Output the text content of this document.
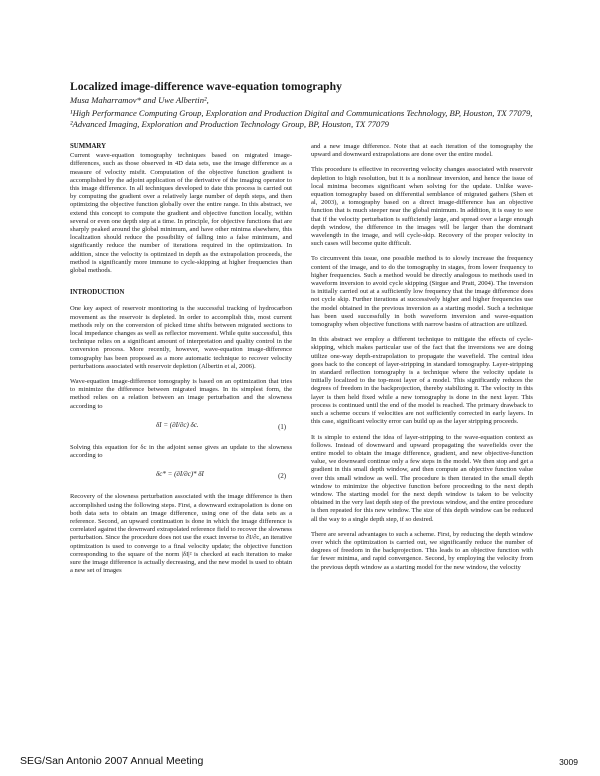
Localized image-difference wave-equation tomography
Musa Maharramov* and Uwe Albertin²,
¹High Performance Computing Group, Exploration and Production Digital and Communications Technology, BP, Houston, TX 77079, ²Advanced Imaging, Exploration and Production Technology Group, BP, Houston, TX 77079
SUMMARY

Current wave-equation tomography techniques based on migrated image-differences, such as those observed in 4D data sets, use the image difference as a measure of velocity misfit. Computation of the objective function gradient is accomplished by the adjoint application of the derivative of the imaging operator to this image difference. In all techniques developed to date this process is carried out by computing the gradient over a relatively large number of depth steps, and then optimizing the objective function globally over the entire range. In this abstract, we extend this concept to compute the gradient and objective function locally, within several or even one depth step at a time. In principle, for objective functions that are sharply peaked around the global minimum, and have other minima elsewhere, this localization should reduce the possibility of falling into a false minimum, and significantly reduce the number of iterations required in the optimization. In addition, since the velocity is optimized in depth as the extrapolation proceeds, the method is significantly more immune to cycle-skipping at higher frequencies than global methods.

INTRODUCTION

One key aspect of reservoir monitoring is the successful tracking of hydrocarbon movement as the reservoir is depleted. In order to accomplish this, most current methods rely on the conversion of picked time shifts between migrated sections to local impedance changes as well as reflector movement. While quite successful, this technique relies on a significant amount of interpretation and quality control in the conversion process. More recently, however, wave-equation image-difference tomography has been proposed as a more automatic technique to recover velocity perturbations associated with reservoir depletion (Albertin et al, 2006).

Wave-equation image-difference tomography is based on an optimization that tries to minimize the difference between migrated images. In its simplest form, the method relies on a relation between an image perturbation and the slowness according to

δI = (∂I/∂c) δc.	(1)

Solving this equation for δc in the adjoint sense gives an update to the slowness according to

δc* = (∂I/∂c)* δI	(2)

Recovery of the slowness perturbation associated with the image difference is then accomplished using the following steps. First, a downward extrapolation is done on both data sets to obtain an image difference, using one of the data sets as a reference. Second, an upward continuation is done in which the image difference is correlated against the downward extrapolated reference field to recover the slowness perturbation. Since the procedure does not use the exact inverse to ∂I/∂c, an iterative optimization is used to converge to a final velocity update; the objective function corresponding to the square of the norm |δI|² is checked at each iteration to make sure the image difference is actually decreasing, and the new model is used to obtain a new set of images

and a new image difference. Note that at each iteration of the tomography the upward and downward extrapolations are done over the entire model.

This procedure is effective in recovering velocity changes associated with reservoir depletion to high resolution, but it is a nonlinear inversion, and hence the issue of local minima becomes significant when solving for the update. Unlike wave-equation tomography based on differential semblance of migrated gathers (Shen et al, 2003), a tomography based on a direct image-difference has an objective function that is much steeper near the global minimum. In addition, it is easy to see that if the velocity perturbation is sufficiently large, and spread over a large enough depth window, the difference in the images will be larger than the dominant wavelength in the image, and will cycle-skip. Recovery of the proper velocity in such cases will become quite difficult.

To circumvent this issue, one possible method is to slowly increase the frequency content of the image, and to do the tomography in stages, from lower frequency to higher frequencies. Such a method would be directly analogous to methods used in waveform inversion to avoid cycle skipping (Sirgue and Pratt, 2004). The inversion is initially carried out at a sufficiently low frequency that the image difference does not cycle skip. Further iterations at successively higher and higher frequencies use the model obtained in the previous inversion as a starting model. Such a technique has been used successfully in both waveform inversion and wave-equation tomography when objective functions with narrow basins of attraction are utilized.

In this abstract we employ a different technique to mitigate the effects of cycle-skipping, which makes particular use of the fact that the inversions we are doing utilize one-way depth-extrapolation to propagate the wavefield. The central idea goes back to the concept of layer-stripping in standard tomography. Layer-stripping in standard reflection tomography is a technique where the velocity update is initially localized to the top-most layer of a model. This significantly reduces the degrees of freedom in the backprojection, thereby stabilizing it. The velocity in this layer is then held fixed while a new tomography is done in the next layer. This process is continued until the end of the model is reached. The primary drawback to such a scheme occurs if velocities are not sufficiently corrected in early layers. In this case, significant velocity error can build up as the layer stripping proceeds.

It is simple to extend the idea of layer-stripping to the wave-equation context as follows. Instead of downward and upward propagating the wavefields over the entire model to obtain the image difference, gradient, and new objective-function value, we downward continue only a few steps in the model. We then stop and get a gradient in this small depth window, and then compute an objective function value over this small window as well. The procedure is then iterated in the small depth window to minimize the objective function before proceeding to the next depth window. The starting model for the next depth window is taken to be velocity obtained in the very last depth step of the previous window, and the entire procedure is then repeated for this new window. The size of this depth window can be reduced all the way to a single depth step, if so desired.

There are several advantages to such a scheme. First, by reducing the depth window over which the optimization is carried out, we significantly reduce the number of degrees of freedom in the backprojection. This leads to an objective function with far fewer minima, and rapid convergence. Second, by employing the velocity from the previous depth window as a starting model for the new window, the velocity

SEG/San Antonio 2007 Annual Meeting	3009
